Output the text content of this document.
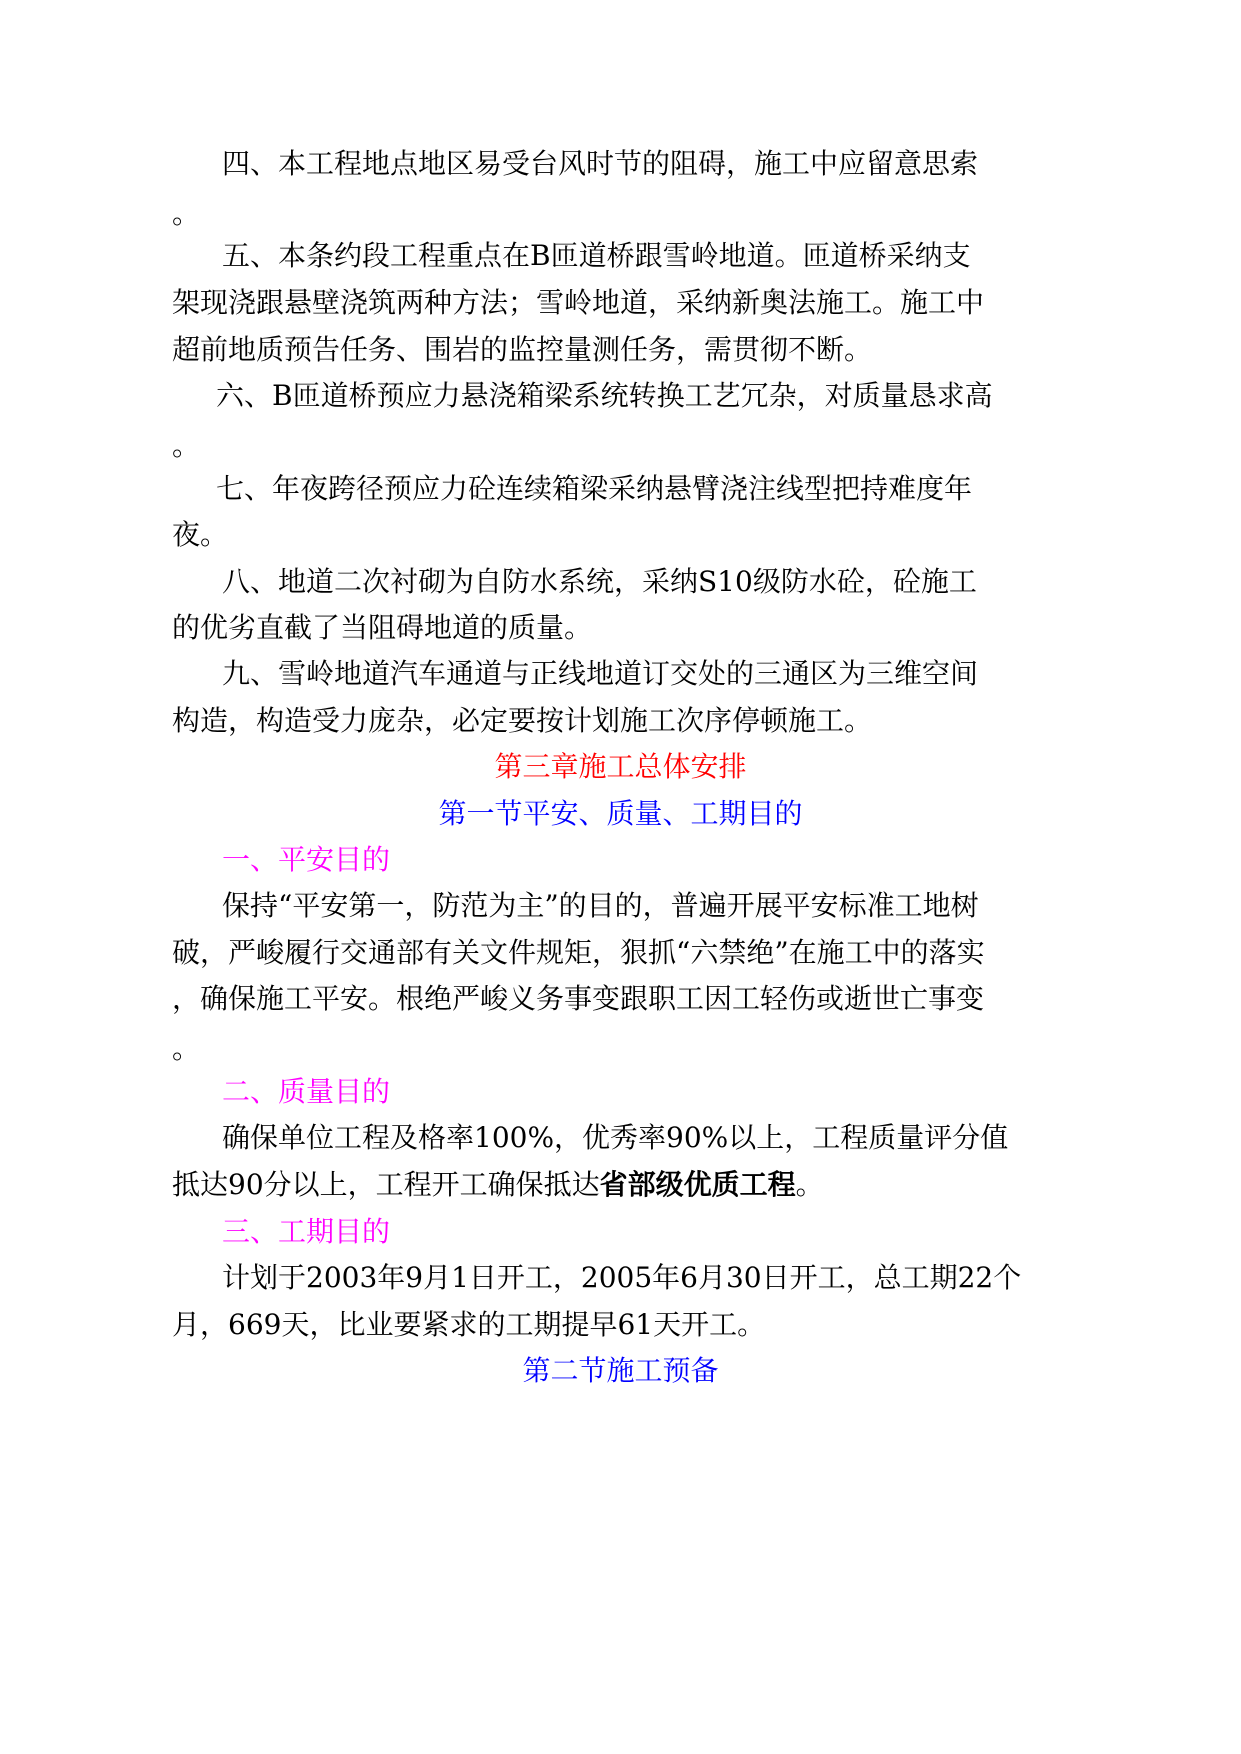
四、本工程地点地区易受台风时节的阻碍，施工中应留意思索
。
五、本条约段工程重点在B匝道桥跟雪岭地道。匝道桥采纳支
架现浇跟悬壁浇筑两种方法；雪岭地道，采纳新奥法施工。施工中
超前地质预告任务、围岩的监控量测任务，需贯彻不断。
六、B匝道桥预应力悬浇箱梁系统转换工艺冗杂，对质量恳求高
。
七、年夜跨径预应力砼连续箱梁采纳悬臂浇注线型把持难度年
夜。
八、地道二次衬砌为自防水系统，采纳S10级防水砼，砼施工
的优劣直截了当阻碍地道的质量。
九、雪岭地道汽车通道与正线地道订交处的三通区为三维空间
构造，构造受力庞杂，必定要按计划施工次序停顿施工。
第三章施工总体安排
第一节平安、质量、工期目的
一、平安目的
保持“平安第一，防范为主”的目的，普遍开展平安标准工地树
破，严峻履行交通部有关文件规矩，狠抓“六禁绝”在施工中的落实
，确保施工平安。根绝严峻义务事变跟职工因工轻伤或逝世亡事变
。
二、质量目的
确保单位工程及格率100%，优秀率90%以上，工程质量评分值
抵达90分以上，工程开工确保抵达省部级优质工程。
三、工期目的
计划于2003年9月1日开工，2005年6月30日开工，总工期22个
月，669天，比业要紧求的工期提早61天开工。
第二节施工预备
